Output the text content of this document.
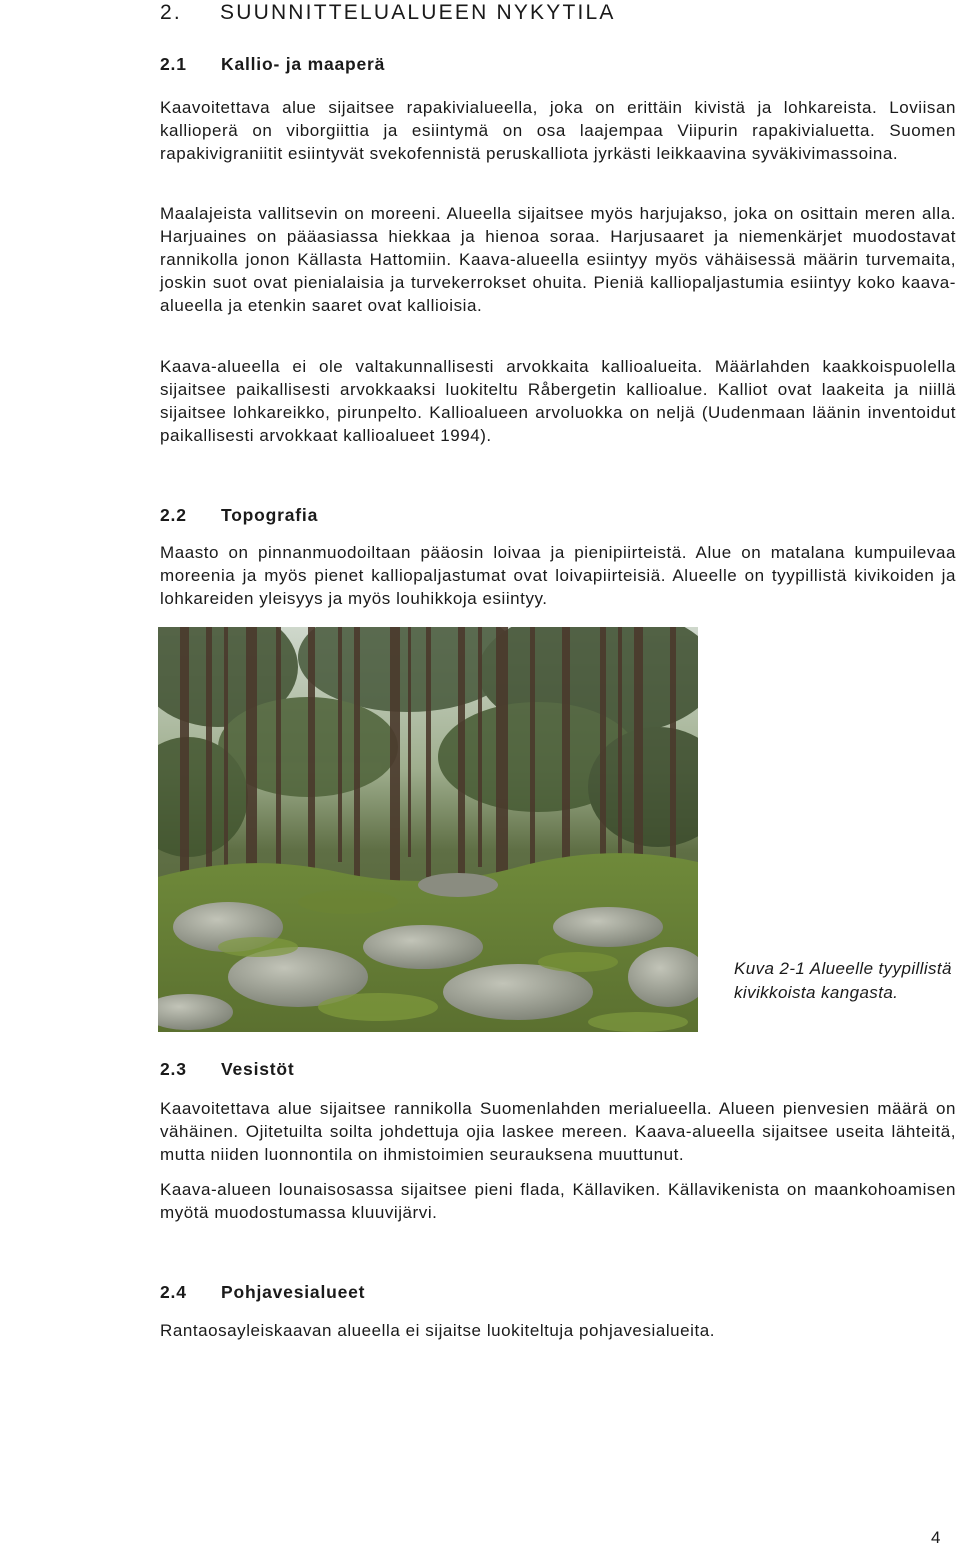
2. SUUNNITTELUALUEEN NYKYTILA
2.1 Kallio- ja maaperä

Kaavoitettava alue sijaitsee rapakivialueella, joka on erittäin kivistä ja lohkareista. Loviisan kallioperä on viborgiittia ja esiintymä on osa laajempaa Viipurin rapakivialuetta. Suomen rapakivigraniitit esiintyvät svekofennistä peruskalliota jyrkästi leikkaavina syväkivimassoina.

Maalajeista vallitsevin on moreeni. Alueella sijaitsee myös harjujakso, joka on osittain meren alla. Harjuaines on pääasiassa hiekkaa ja hienoa soraa. Harjusaaret ja niemenkärjet muodostavat rannikolla jonon Källasta Hattomiin. Kaava-alueella esiintyy myös vähäisessä määrin turvemaita, joskin suot ovat pienialaisia ja turvekerrokset ohuita. Pieniä kalliopaljastumia esiintyy koko kaava-alueella ja etenkin saaret ovat kallioisia.

Kaava-alueella ei ole valtakunnallisesti arvokkaita kallioalueita. Määrlahden kaakkoispuolella sijaitsee paikallisesti arvokkaaksi luokiteltu Råbergetin kallioalue. Kalliot ovat laakeita ja niillä sijaitsee lohkareikko, pirunpelto. Kallioalueen arvoluokka on neljä (Uudenmaan läänin inventoidut paikallisesti arvokkaat kallioalueet 1994).

2.2 Topografia

Maasto on pinnanmuodoiltaan pääosin loivaa ja pienipiirteistä. Alue on matalana kumpuilevaa moreenia ja myös pienet kalliopaljastumat ovat loivapiirteisiä. Alueelle on tyypillistä kivikoiden ja lohkareiden yleisyys ja myös louhikkoja esiintyy.

Kuva 2-1 Alueelle tyypillistä kivikkoista kangasta.

2.3 Vesistöt

Kaavoitettava alue sijaitsee rannikolla Suomenlahden merialueella. Alueen pienvesien määrä on vähäinen. Ojitetuilta soilta johdettuja ojia laskee mereen. Kaava-alueella sijaitsee useita lähteitä, mutta niiden luonnontila on ihmistoimien seurauksena muuttunut.

Kaava-alueen lounaisosassa sijaitsee pieni flada, Källaviken. Källavikenista on maankohoamisen myötä muodostumassa kluuvijärvi.

2.4 Pohjavesialueet

Rantaosayleiskaavan alueella ei sijaitse luokiteltuja pohjavesialueita.

4
